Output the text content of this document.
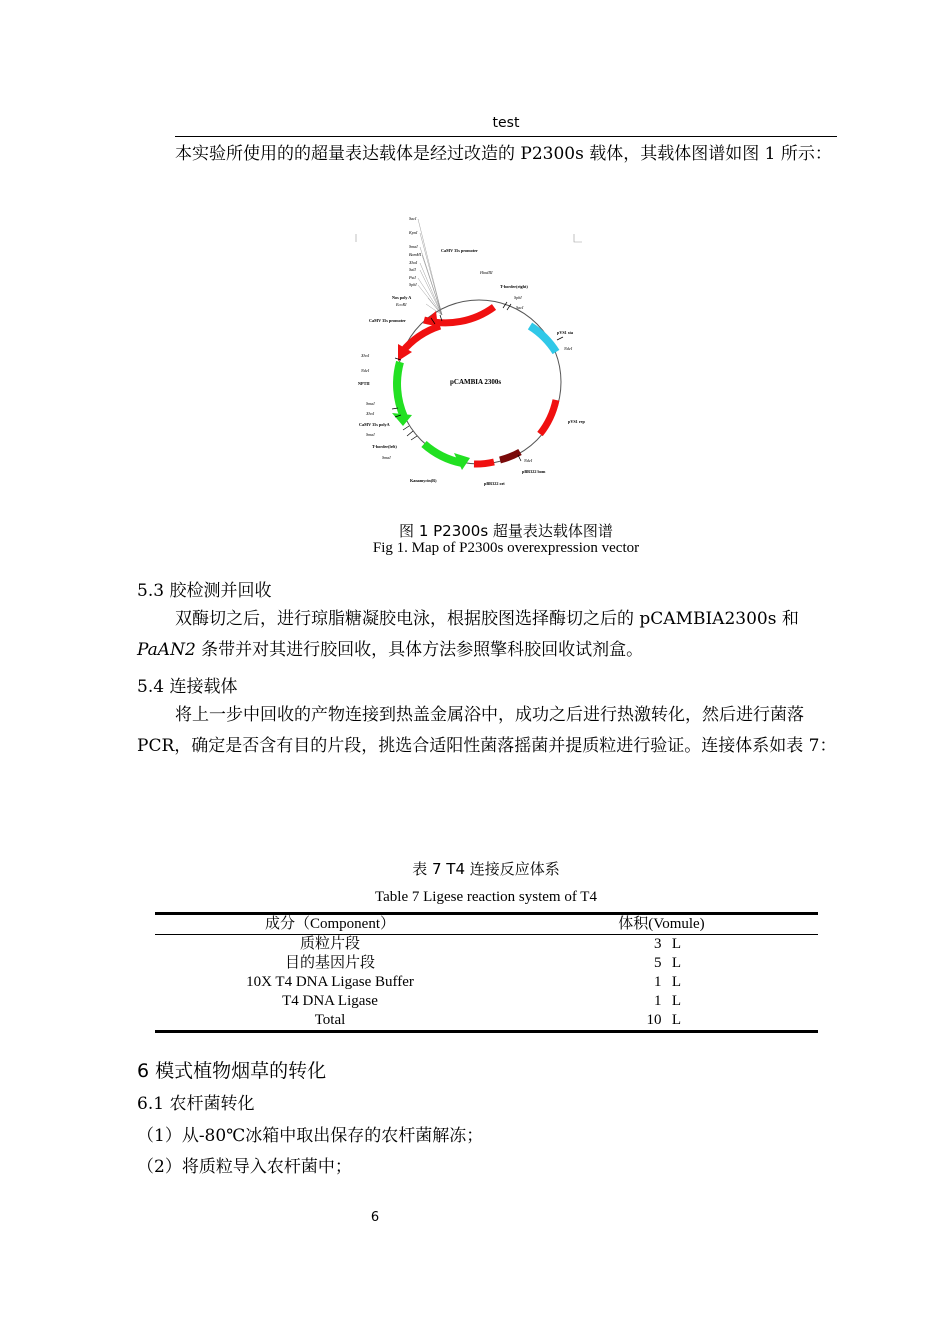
test
本实验所使用的的超量表达载体是经过改造的 P2300s 载体，其载体图谱如图 1 所示：
SacI
KpnI
SmaI
BamHI
XbaI
SalI
PstI
SphI
EcoRI
HindIII
SphI
SacI
NdeI
XhoI
NdeI
SmaI
XhoI
SmaI
SmaI
NdeI
CaMV 35s promoter
T-border(right)
pVS1 sta
pVS1 rep
pBR322 bom
pBR322 ori
Kanamycin(R)
T-border(left)
CaMV 35s polyA
NPTII
CaMV 35s promoter
Nos poly A
pCAMBIA 2300s
图 1 P2300s 超量表达载体图谱
Fig 1. Map of P2300s overexpression vector
5.3 胶检测并回收
双酶切之后，进行琼脂糖凝胶电泳，根据胶图选择酶切之后的 pCAMBIA2300s 和 PaAN2 条带并对其进行胶回收，具体方法参照擎科胶回收试剂盒。
5.4 连接载体
将上一步中回收的产物连接到热盖金属浴中，成功之后进行热激转化，然后进行菌落 PCR，确定是否含有目的片段，挑选合适阳性菌落摇菌并提质粒进行验证。连接体系如表 7：
表 7 T4 连接反应体系
Table 7 Ligese reaction system of T4
成分（Component）	体积(Vomule)
质粒片段	3 L
目的基因片段	5 L
10X T4 DNA Ligase Buffer	1 L
T4 DNA Ligase	1 L
Total	10 L
6 模式植物烟草的转化
6.1 农杆菌转化
（1）从-80℃冰箱中取出保存的农杆菌解冻；
（2）将质粒导入农杆菌中；
6
